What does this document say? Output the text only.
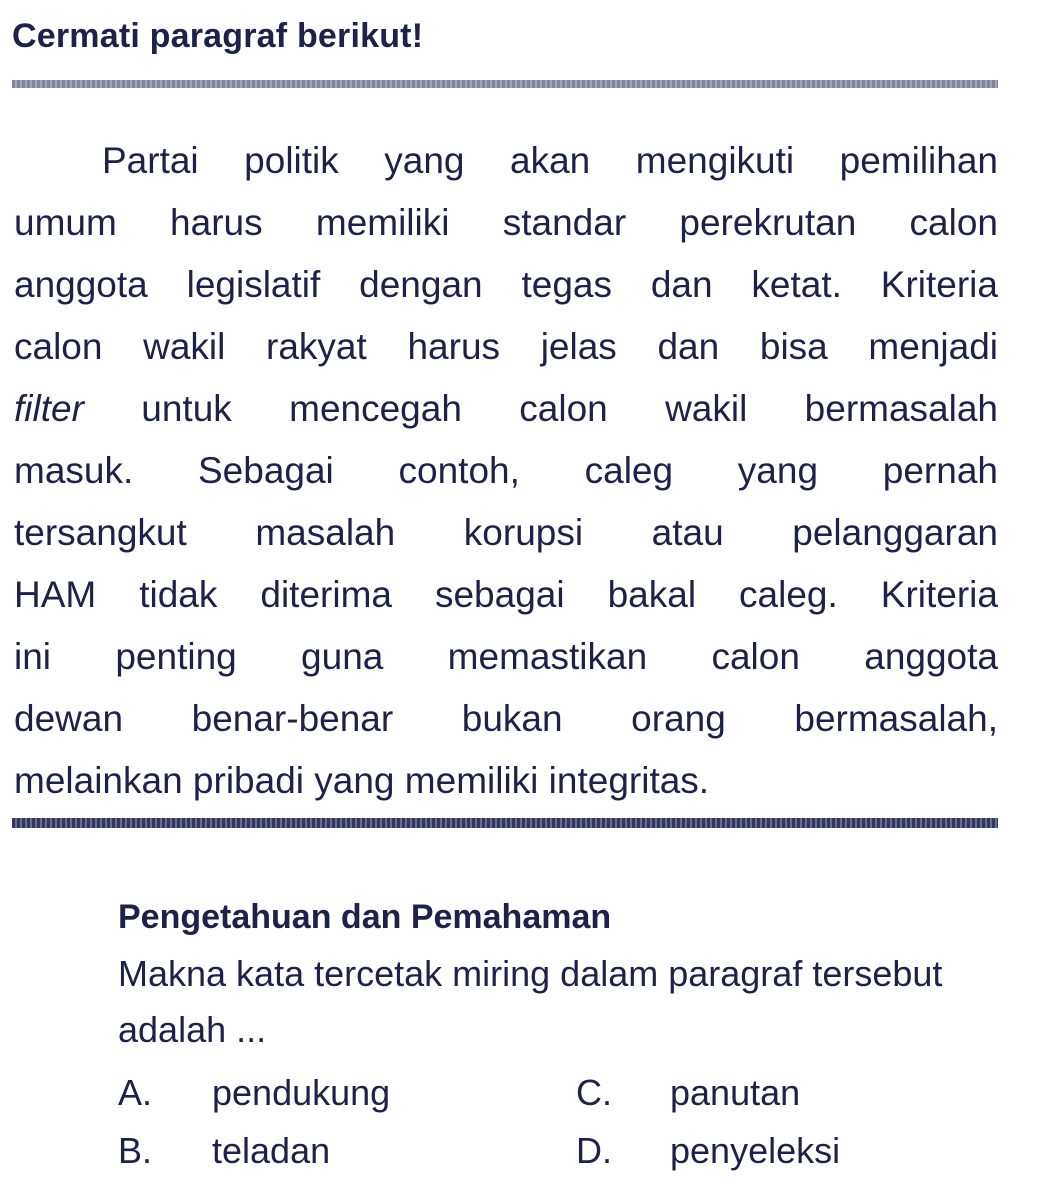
Cermati paragraf berikut!
Partai politik yang akan mengikuti pemilihan
umum harus memiliki standar perekrutan calon
anggota legislatif dengan tegas dan ketat. Kriteria
calon wakil rakyat harus jelas dan bisa menjadi
filter untuk mencegah calon wakil bermasalah
masuk. Sebagai contoh, caleg yang pernah
tersangkut masalah korupsi atau pelanggaran
HAM tidak diterima sebagai bakal caleg. Kriteria
ini penting guna memastikan calon anggota
dewan benar-benar bukan orang bermasalah,
melainkan pribadi yang memiliki integritas.
Pengetahuan dan Pemahaman

Makna kata tercetak miring dalam paragraf tersebut adalah ...

A. pendukung
B. teladan
C. panutan
D. penyeleksi
